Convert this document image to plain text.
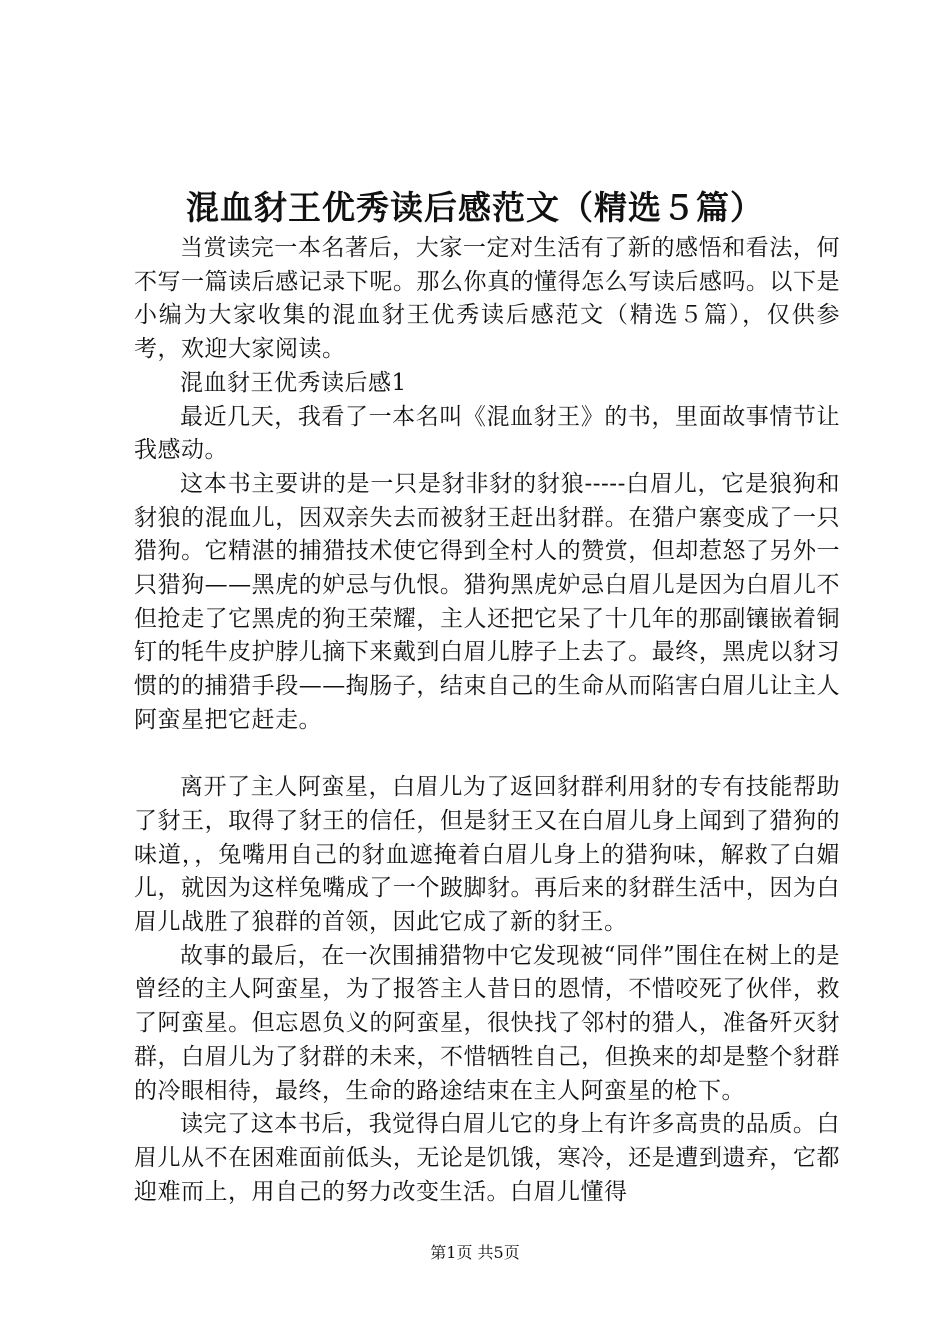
混血豺王优秀读后感范文（精选５篇）

当赏读完一本名著后，大家一定对生活有了新的感悟和看法，何不写一篇读后感记录下呢。那么你真的懂得怎么写读后感吗。以下是小编为大家收集的混血豺王优秀读后感范文（精选５篇），仅供参考，欢迎大家阅读。

混血豺王优秀读后感1

最近几天，我看了一本名叫《混血豺王》的书，里面故事情节让我感动。

这本书主要讲的是一只是豺非豺的豺狼-----白眉儿，它是狼狗和豺狼的混血儿，因双亲失去而被豺王赶出豺群。在猎户寨变成了一只猎狗。它精湛的捕猎技术使它得到全村人的赞赏，但却惹怒了另外一只猎狗——黑虎的妒忌与仇恨。猎狗黑虎妒忌白眉儿是因为白眉儿不但抢走了它黑虎的狗王荣耀，主人还把它呆了十几年的那副镶嵌着铜钉的牦牛皮护脖儿摘下来戴到白眉儿脖子上去了。最终，黑虎以豺习惯的的捕猎手段——掏肠子，结束自己的生命从而陷害白眉儿让主人阿蛮星把它赶走。

离开了主人阿蛮星，白眉儿为了返回豺群利用豺的专有技能帮助了豺王，取得了豺王的信任，但是豺王又在白眉儿身上闻到了猎狗的味道，，兔嘴用自己的豺血遮掩着白眉儿身上的猎狗味，解救了白媚儿，就因为这样兔嘴成了一个跛脚豺。再后来的豺群生活中，因为白眉儿战胜了狼群的首领，因此它成了新的豺王。

故事的最后，在一次围捕猎物中它发现被“同伴”围住在树上的是曾经的主人阿蛮星，为了报答主人昔日的恩情，不惜咬死了伙伴，救了阿蛮星。但忘恩负义的阿蛮星，很快找了邻村的猎人，准备歼灭豺群，白眉儿为了豺群的未来，不惜牺牲自己，但换来的却是整个豺群的冷眼相待，最终，生命的路途结束在主人阿蛮星的枪下。

读完了这本书后，我觉得白眉儿它的身上有许多高贵的品质。白眉儿从不在困难面前低头，无论是饥饿，寒冷，还是遭到遗弃，它都迎难而上，用自己的努力改变生活。白眉儿懂得

第1页 共5页
